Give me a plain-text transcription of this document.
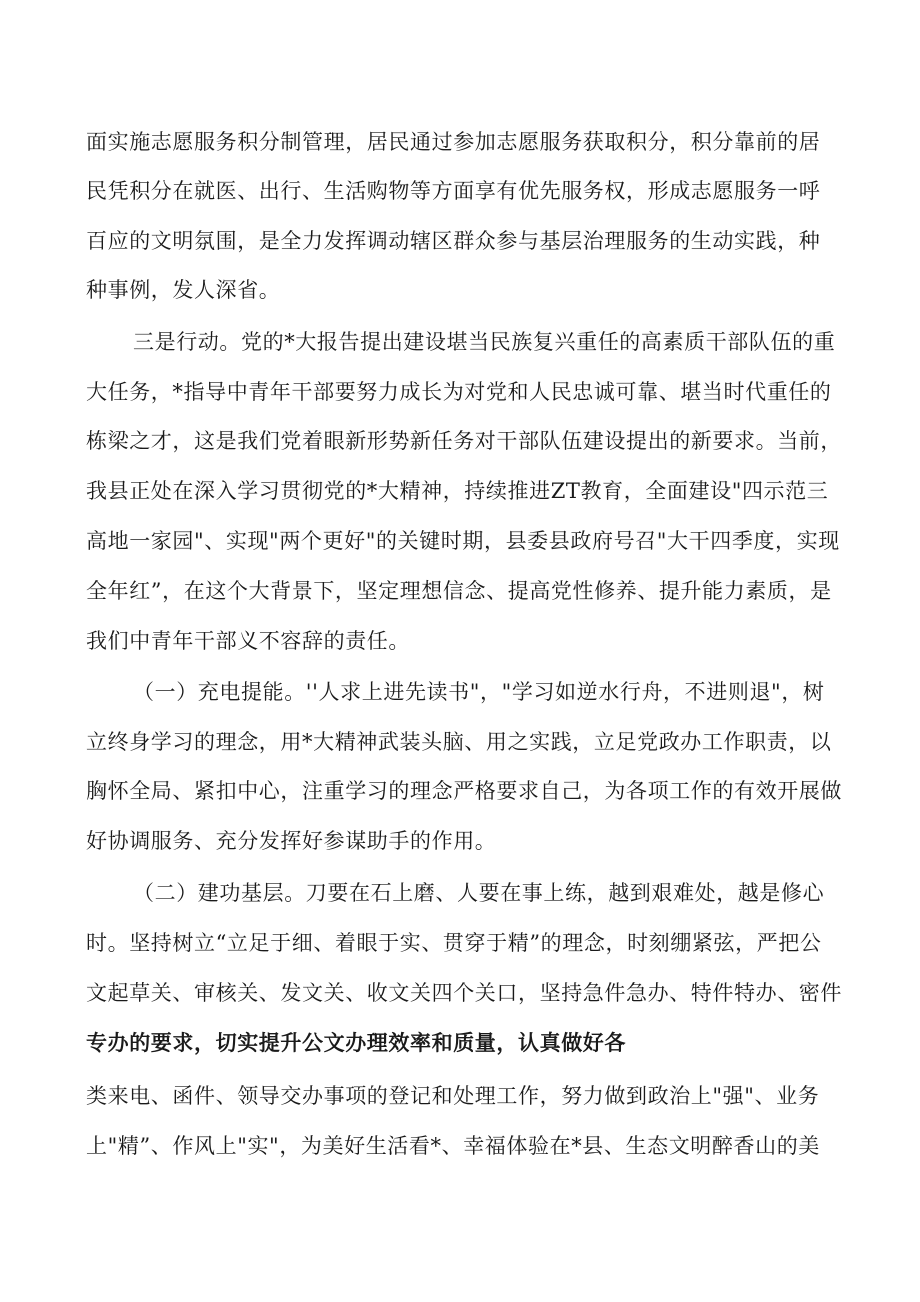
面实施志愿服务积分制管理，居民通过参加志愿服务获取积分，积分靠前的居
民凭积分在就医、出行、生活购物等方面享有优先服务权，形成志愿服务一呼
百应的文明氛围，是全力发挥调动辖区群众参与基层治理服务的生动实践，种
种事例，发人深省。
三是行动。党的*大报告提出建设堪当民族复兴重任的高素质干部队伍的重
大任务，*指导中青年干部要努力成长为对党和人民忠诚可靠、堪当时代重任的
栋梁之才，这是我们党着眼新形势新任务对干部队伍建设提出的新要求。当前，
我县正处在深入学习贯彻党的*大精神，持续推进ZT教育，全面建设"四示范三
高地一家园"、实现"两个更好"的关键时期，县委县政府号召"大干四季度，实现
全年红”，在这个大背景下，坚定理想信念、提高党性修养、提升能力素质，是
我们中青年干部义不容辞的责任。
（一）充电提能。''人求上进先读书"，"学习如逆水行舟，不进则退"，树
立终身学习的理念，用*大精神武装头脑、用之实践，立足党政办工作职责，以
胸怀全局、紧扣中心，注重学习的理念严格要求自己，为各项工作的有效开展做
好协调服务、充分发挥好参谋助手的作用。
（二）建功基层。刀要在石上磨、人要在事上练，越到艰难处，越是修心
时。坚持树立“立足于细、着眼于实、贯穿于精”的理念，时刻绷紧弦，严把公
文起草关、审核关、发文关、收文关四个关口，坚持急件急办、特件特办、密件
专办的要求，切实提升公文办理效率和质量，认真做好各
类来电、函件、领导交办事项的登记和处理工作，努力做到政治上"强"、业务
上"精”、作风上"实"，为美好生活看*、幸福体验在*县、生态文明醉香山的美
